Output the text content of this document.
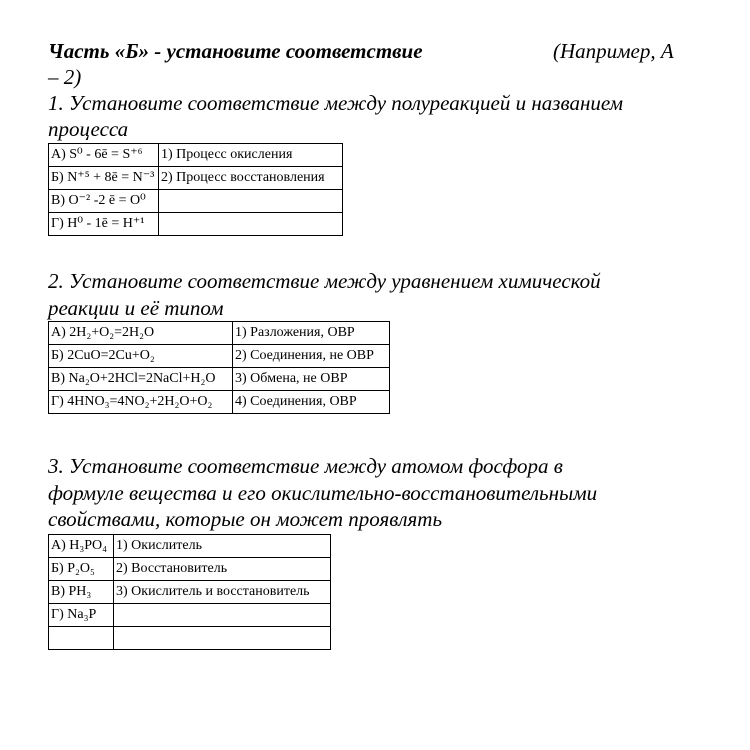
Часть «Б» - установите соответствие	(Например, А

– 2)

1. Установите соответствие между полуреакцией и названием

процесса

А) S⁰ - 6ē = S⁺⁶	1) Процесс окисления
Б) N⁺⁵ + 8ē = N⁻³	2) Процесс восстановления
В) O⁻² -2 ē = O⁰	
Г) H⁰ - 1ē = H⁺¹	

2. Установите соответствие между уравнением химической

реакции и её типом

А) 2H₂+O₂=2H₂O	1) Разложения, ОВР
Б) 2CuO=2Cu+O₂	2) Соединения, не ОВР
В) Na₂O+2HCl=2NaCl+H₂O	3) Обмена, не ОВР
Г) 4HNO₃=4NO₂+2H₂O+O₂	4) Соединения, ОВР

3. Установите соответствие между атомом фосфора в

формуле вещества и его окислительно-восстановительными

свойствами, которые он может проявлять

А) H₃PO₄	1) Окислитель
Б) P₂O₅	2) Восстановитель
В) PH₃	3) Окислитель и восстановитель
Г) Na₃P	
